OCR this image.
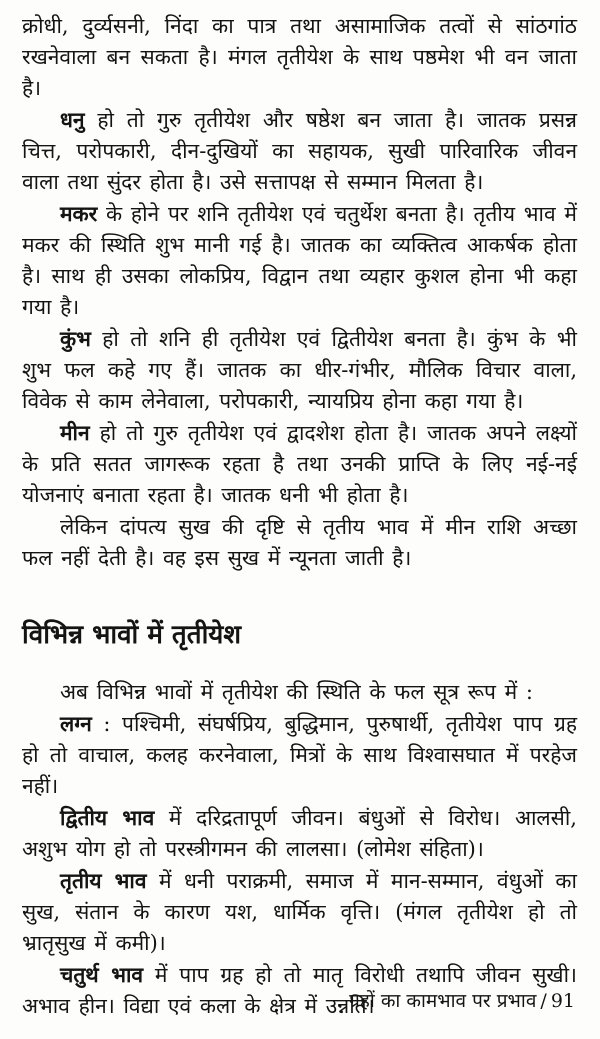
क्रोधी, दुर्व्यसनी, निंदा का पात्र तथा असामाजिक तत्वों से सांठगांठ रखनेवाला बन सकता है। मंगल तृतीयेश के साथ पष्ठमेश भी वन जाता है।

धनु हो तो गुरु तृतीयेश और षष्ठेश बन जाता है। जातक प्रसन्न चित्त, परोपकारी, दीन-दुखियों का सहायक, सुखी पारिवारिक जीवन वाला तथा सुंदर होता है। उसे सत्तापक्ष से सम्मान मिलता है।

मकर के होने पर शनि तृतीयेश एवं चतुर्थेश बनता है। तृतीय भाव में मकर की स्थिति शुभ मानी गई है। जातक का व्यक्तित्व आकर्षक होता है। साथ ही उसका लोकप्रिय, विद्वान तथा व्यहार कुशल होना भी कहा गया है।

कुंभ हो तो शनि ही तृतीयेश एवं द्वितीयेश बनता है। कुंभ के भी शुभ फल कहे गए हैं। जातक का धीर-गंभीर, मौलिक विचार वाला, विवेक से काम लेनेवाला, परोपकारी, न्यायप्रिय होना कहा गया है।

मीन हो तो गुरु तृतीयेश एवं द्वादशेश होता है। जातक अपने लक्ष्यों के प्रति सतत जागरूक रहता है तथा उनकी प्राप्ति के लिए नई-नई योजनाएं बनाता रहता है। जातक धनी भी होता है।

लेकिन दांपत्य सुख की दृष्टि से तृतीय भाव में मीन राशि अच्छा फल नहीं देती है। वह इस सुख में न्यूनता जाती है।

विभिन्न भावों में तृतीयेश

अब विभिन्न भावों में तृतीयेश की स्थिति के फल सूत्र रूप में :

लग्न : पश्चिमी, संघर्षप्रिय, बुद्धिमान, पुरुषार्थी, तृतीयेश पाप ग्रह हो तो वाचाल, कलह करनेवाला, मित्रों के साथ विश्वासघात में परहेज नहीं।

द्वितीय भाव में दरिद्रतापूर्ण जीवन। बंधुओं से विरोध। आलसी, अशुभ योग हो तो परस्त्रीगमन की लालसा। (लोमेश संहिता)।

तृतीय भाव में धनी पराक्रमी, समाज में मान-सम्मान, वंधुओं का सुख, संतान के कारण यश, धार्मिक वृत्ति। (मंगल तृतीयेश हो तो भ्रातृसुख में कमी)।

चतुर्थ भाव में पाप ग्रह हो तो मातृ विरोधी तथापि जीवन सुखी। अभाव हीन। विद्या एवं कला के क्षेत्र में उन्नति।

ग्रहों का कामभाव पर प्रभाव / 91
